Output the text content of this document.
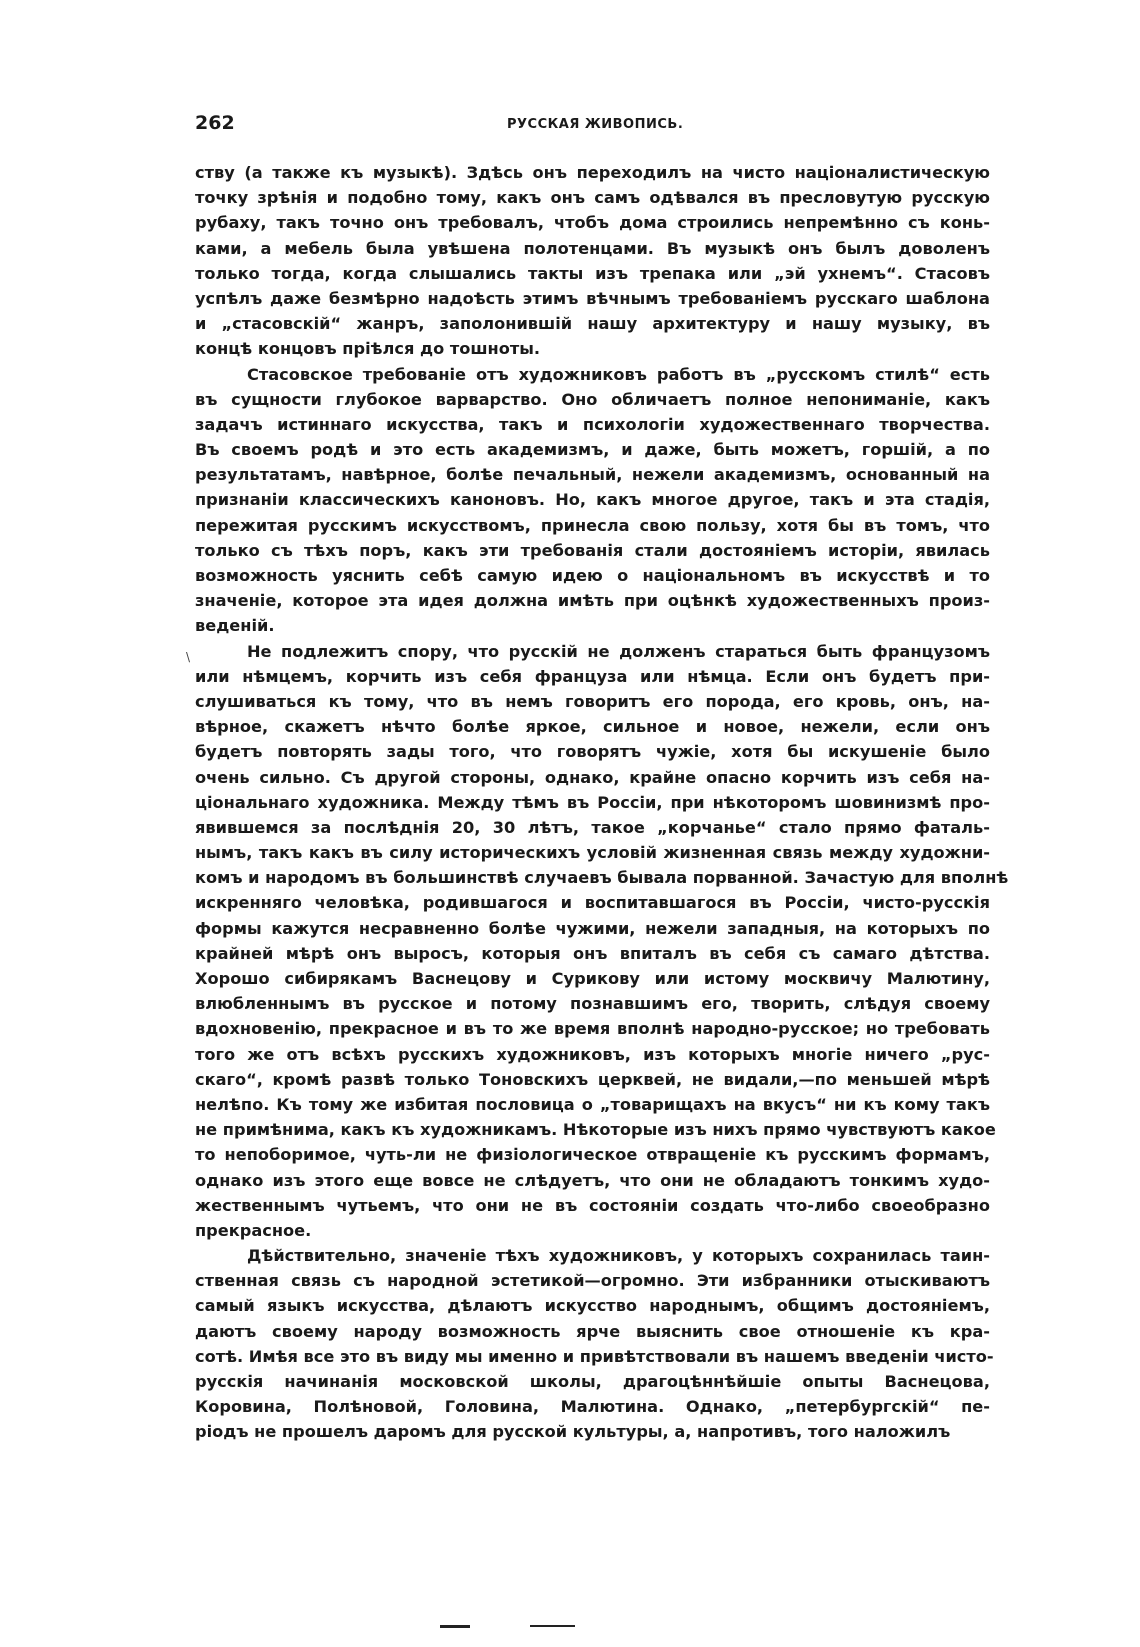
262	РУССКАЯ ЖИВОПИСЬ.
\
ству (а также къ музыкѣ). Здѣсь онъ переходилъ на чисто націоналистическую
точку зрѣнія и подобно тому, какъ онъ самъ одѣвался въ пресловутую русскую
рубаху, такъ точно онъ требовалъ, чтобъ дома строились непремѣнно съ конь-
ками, а мебель была увѣшена полотенцами. Въ музыкѣ онъ былъ доволенъ
только тогда, когда слышались такты изъ трепака или „эй ухнемъ“. Стасовъ
успѣлъ даже безмѣрно надоѣсть этимъ вѣчнымъ требованіемъ русскаго шаблона
и „стасовскій“ жанръ, заполонившій нашу архитектуру и нашу музыку, въ
концѣ концовъ пріѣлся до тошноты.
Стасовское требованіе отъ художниковъ работъ въ „русскомъ стилѣ“ есть
въ сущности глубокое варварство. Оно обличаетъ полное непониманіе, какъ
задачъ истиннаго искусства, такъ и психологіи художественнаго творчества.
Въ своемъ родѣ и это есть академизмъ, и даже, быть можетъ, горшій, а по
результатамъ, навѣрное, болѣе печальный, нежели академизмъ, основанный на
признаніи классическихъ каноновъ. Но, какъ многое другое, такъ и эта стадія,
пережитая русскимъ искусствомъ, принесла свою пользу, хотя бы въ томъ, что
только съ тѣхъ поръ, какъ эти требованія стали достояніемъ исторіи, явилась
возможность уяснить себѣ самую идею о національномъ въ искусствѣ и то
значеніе, которое эта идея должна имѣть при оцѣнкѣ художественныхъ произ-
веденій.
Не подлежитъ спору, что русскій не долженъ стараться быть французомъ
или нѣмцемъ, корчить изъ себя француза или нѣмца. Если онъ будетъ при-
слушиваться къ тому, что въ немъ говоритъ его порода, его кровь, онъ, на-
вѣрное, скажетъ нѣчто болѣе яркое, сильное и новое, нежели, если онъ
будетъ повторять зады того, что говорятъ чужіе, хотя бы искушеніе было
очень сильно. Съ другой стороны, однако, крайне опасно корчить изъ себя на-
ціональнаго художника. Между тѣмъ въ Россіи, при нѣкоторомъ шовинизмѣ про-
явившемся за послѣднія 20, 30 лѣтъ, такое „корчанье“ стало прямо фаталь-
нымъ, такъ какъ въ силу историческихъ условій жизненная связь между художни-
комъ и народомъ въ большинствѣ случаевъ бывала порванной. Зачастую для вполнѣ
искренняго человѣка, родившагося и воспитавшагося въ Россіи, чисто-русскія
формы кажутся несравненно болѣе чужими, нежели западныя, на которыхъ по
крайней мѣрѣ онъ выросъ, которыя онъ впиталъ въ себя съ самаго дѣтства.
Хорошо сибирякамъ Васнецову и Сурикову или истому москвичу Малютину,
влюбленнымъ въ русское и потому познавшимъ его, творить, слѣдуя своему
вдохновенію, прекрасное и въ то же время вполнѣ народно-русское; но требовать
того же отъ всѣхъ русскихъ художниковъ, изъ которыхъ многіе ничего „рус-
скаго“, кромѣ развѣ только Тоновскихъ церквей, не видали,—по меньшей мѣрѣ
нелѣпо. Къ тому же избитая пословица о „товарищахъ на вкусъ“ ни къ кому такъ
не примѣнима, какъ къ художникамъ. Нѣкоторые изъ нихъ прямо чувствуютъ какое
то непоборимое, чуть-ли не физіологическое отвращеніе къ русскимъ формамъ,
однако изъ этого еще вовсе не слѣдуетъ, что они не обладаютъ тонкимъ худо-
жественнымъ чутьемъ, что они не въ состояніи создать что-либо своеобразно
прекрасное.
Дѣйствительно, значеніе тѣхъ художниковъ, у которыхъ сохранилась таин-
ственная связь съ народной эстетикой—огромно. Эти избранники отыскиваютъ
самый языкъ искусства, дѣлаютъ искусство народнымъ, общимъ достояніемъ,
даютъ своему народу возможность ярче выяснить свое отношеніе къ кра-
сотѣ. Имѣя все это въ виду мы именно и привѣтствовали въ нашемъ введеніи чисто-
русскія начинанія московской школы, драгоцѣннѣйшіе опыты Васнецова,
Коровина, Полѣновой, Головина, Малютина. Однако, „петербургскій“ пе-
ріодъ не прошелъ даромъ для русской культуры, а, напротивъ, того наложилъ
